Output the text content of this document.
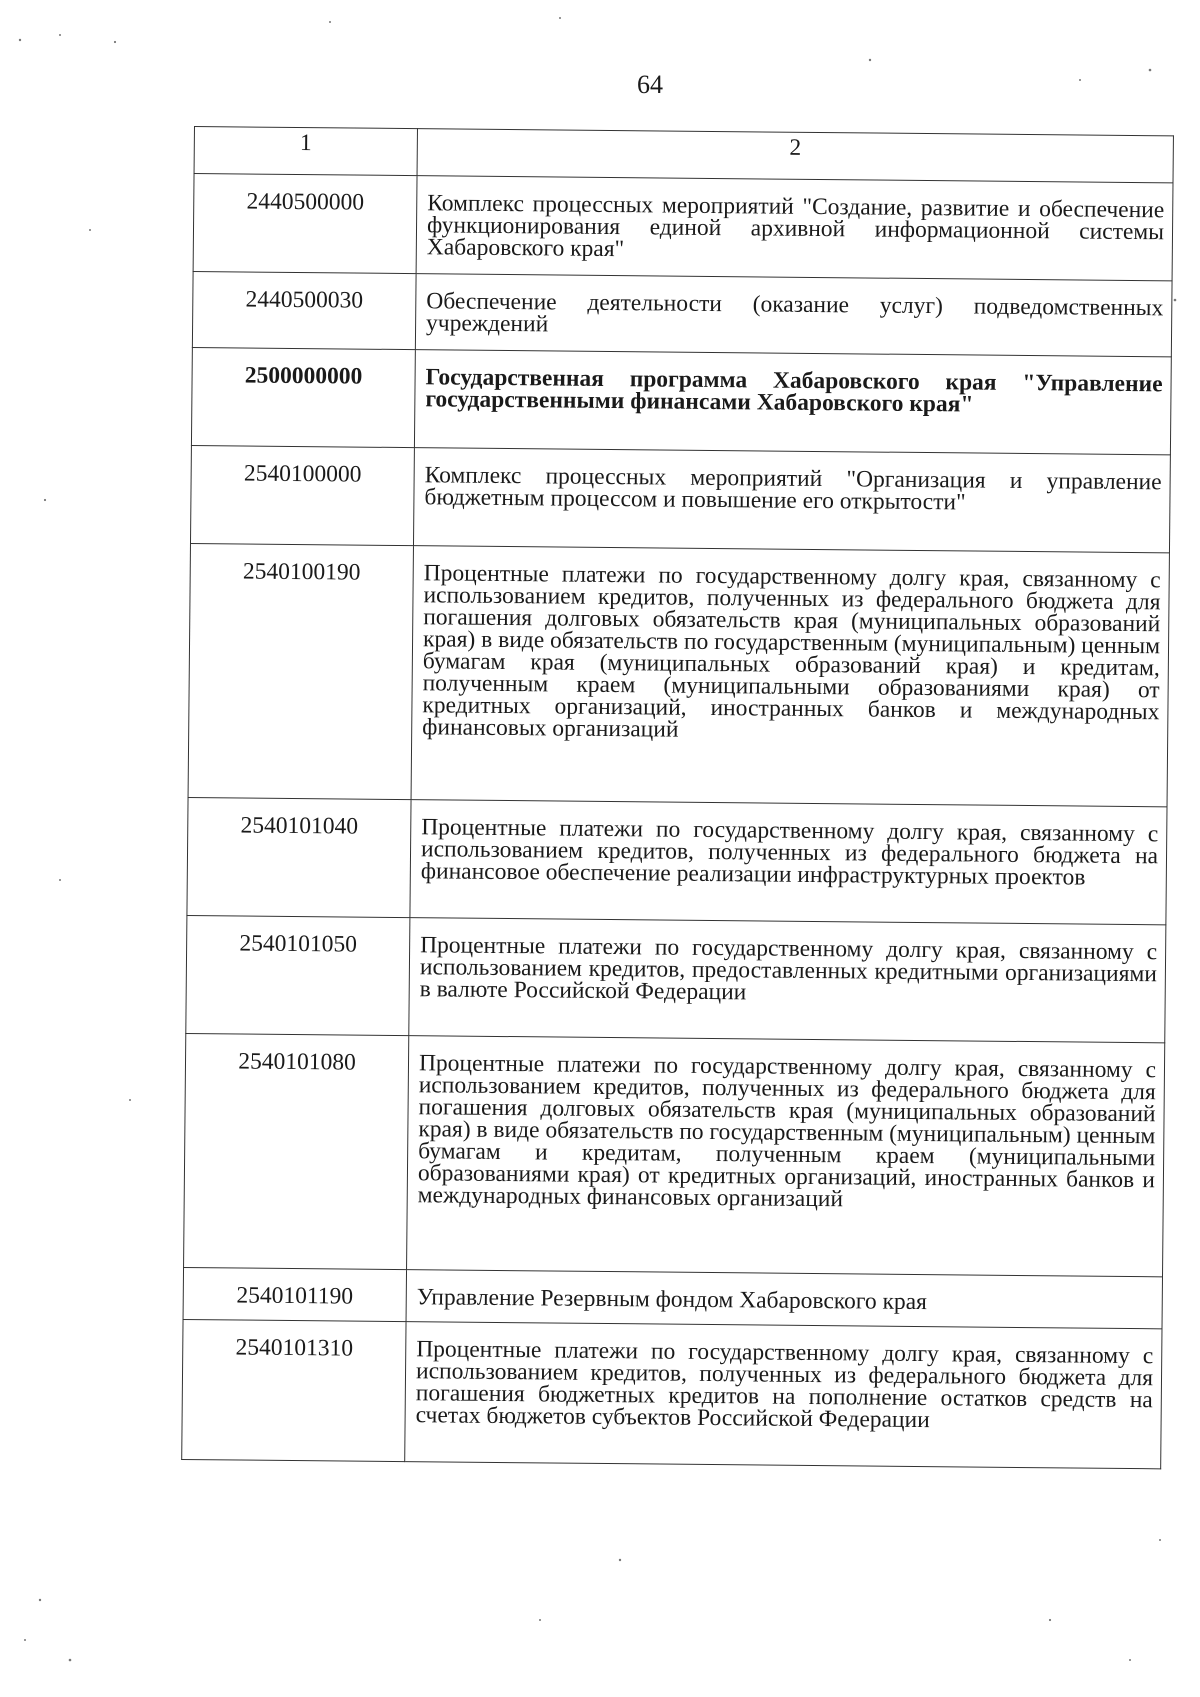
64
1	2
2440500000	Комплекс процессных мероприятий "Создание, развитие и обеспечение функционирования единой архивной информационной системы Хабаровского края"
2440500030	Обеспечение деятельности (оказание услуг) подведомственных учреждений
2500000000	Государственная программа Хабаровского края "Управление государственными финансами Хабаровского края"
2540100000	Комплекс процессных мероприятий "Организация и управление бюджетным процессом и повышение его открытости"
2540100190	Процентные платежи по государственному долгу края, связанному с использованием кредитов, полученных из федерального бюджета для погашения долговых обязательств края (муниципальных образований края) в виде обязательств по государственным (муниципальным) ценным бумагам края (муниципальных образований края) и кредитам, полученным краем (муниципальными образованиями края) от кредитных организаций, иностранных банков и международных финансовых организаций
2540101040	Процентные платежи по государственному долгу края, связанному с использованием кредитов, полученных из федерального бюджета на финансовое обеспечение реализации инфраструктурных проектов
2540101050	Процентные платежи по государственному долгу края, связанному с использованием кредитов, предоставленных кредитными организациями в валюте Российской Федерации
2540101080	Процентные платежи по государственному долгу края, связанному с использованием кредитов, полученных из федерального бюджета для погашения долговых обязательств края (муниципальных образований края) в виде обязательств по государственным (муниципальным) ценным бумагам и кредитам, полученным краем (муниципальными образованиями края) от кредитных организаций, иностранных банков и международных финансовых организаций
2540101190	Управление Резервным фондом Хабаровского края
2540101310	Процентные платежи по государственному долгу края, связанному с использованием кредитов, полученных из федерального бюджета для погашения бюджетных кредитов на пополнение остатков средств на счетах бюджетов субъектов Российской Федерации
